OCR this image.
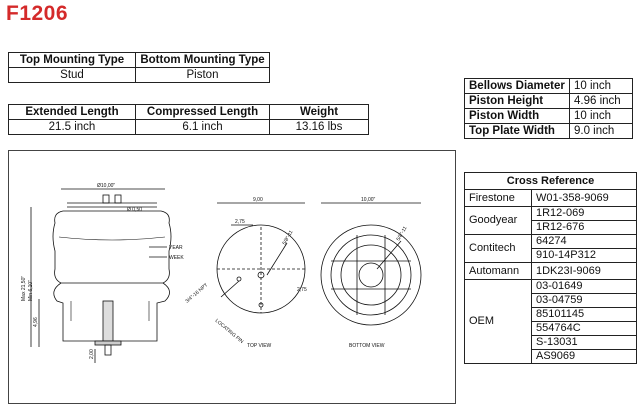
F1206
Top Mounting Type	Bottom Mounting Type
Stud	Piston
Extended Length	Compressed Length	Weight
21.5 inch	6.1 inch	13.16 lbs
Bellows Diameter	10 inch
Piston Height	4.96 inch
Piston Width	10 inch
Top Plate Width	9.0 inch
Cross Reference	
Firestone	W01-358-9069
Goodyear	1R12-069
	1R12-676
Contitech	64274
	910-14P312
Automann	1DK23I-9069
OEM	03-01649
	03-04759
	85101145
	554764C
	S-13031
	AS9069
Ø10,00"
Ø 0,50
YEAR
WEEK
Max 21,50" Min 6,10"
4,96
2,00
9,00
2,75
10,00"
2,75
3/4"-16 NPT
5/8"-11	5/8"-11
LOCATING PIN
TOP VIEW	BOTTOM VIEW
